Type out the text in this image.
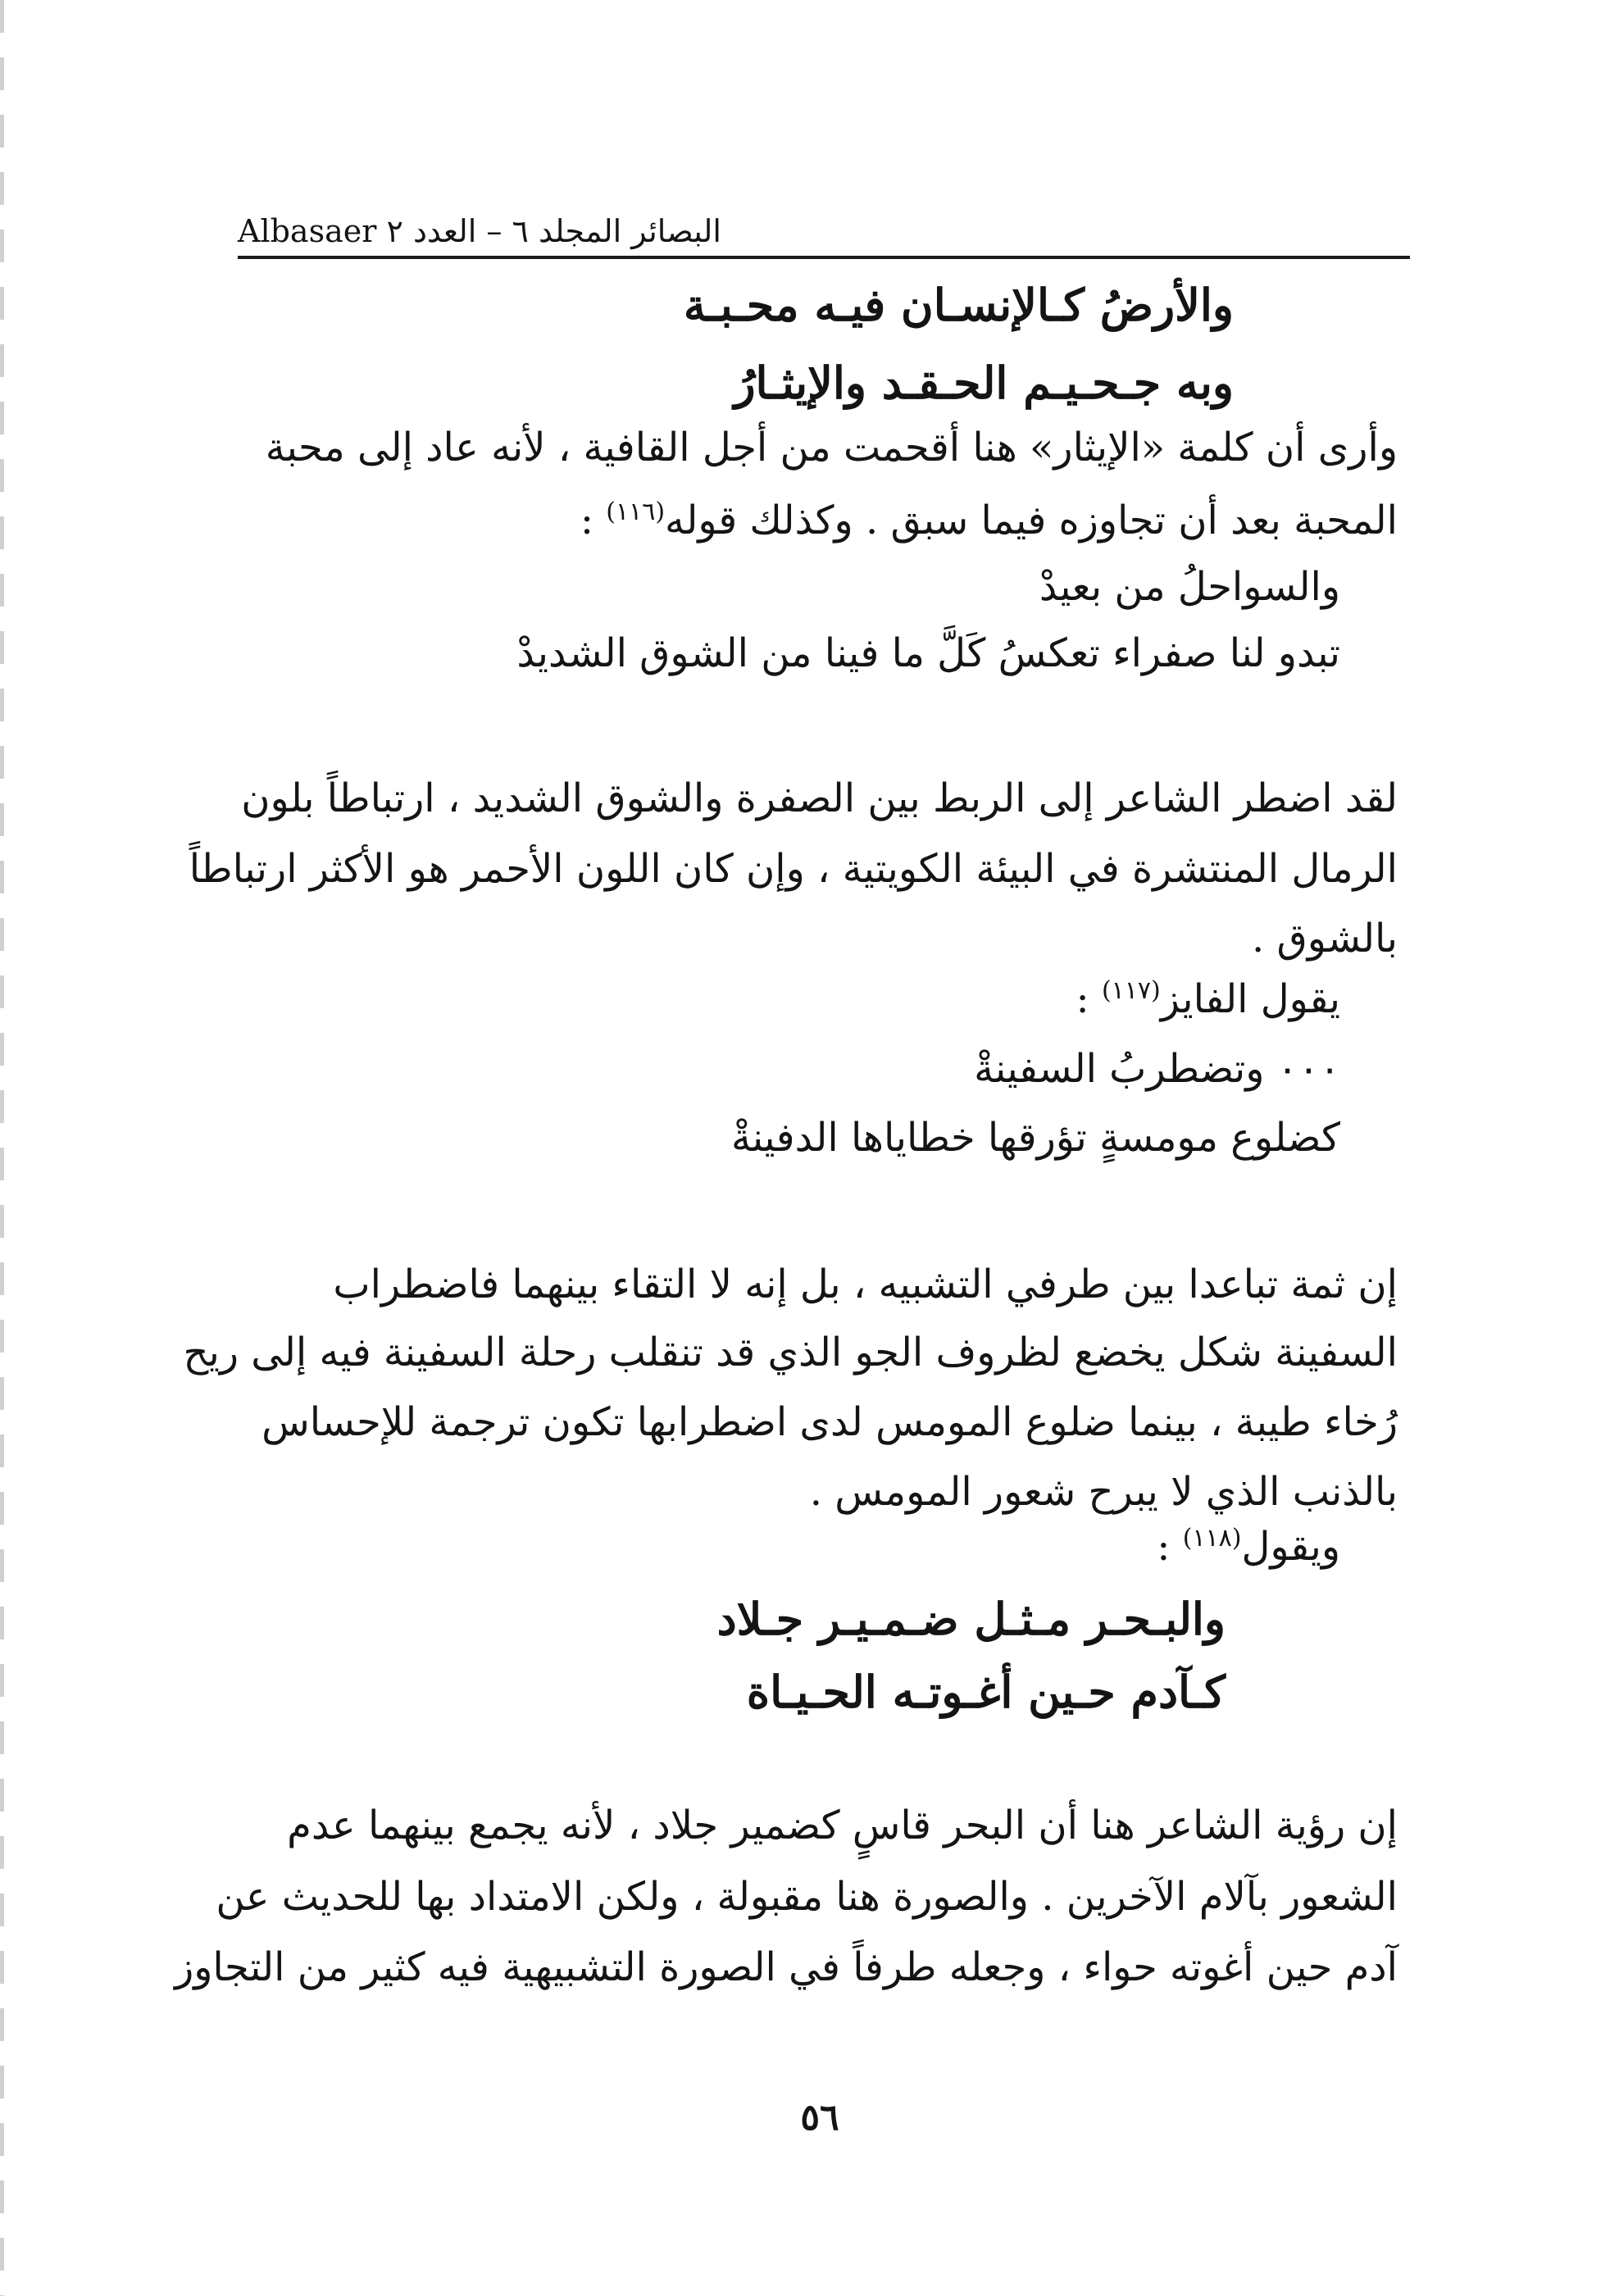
البصائر المجلد ٦ – العدد ٢ Albasaer
والأرضُ كـالإنسـان فيـه محـبـة
وبه جـحـيـم الحـقـد والإيثـارُ
وأرى أن كلمة «الإيثار» هنا أقحمت من أجل القافية ، لأنه عاد إلى محبة
المحبة بعد أن تجاوزه فيما سبق . وكذلك قوله$^{(١١٦)}$ :
والسواحلُ من بعيدْ
تبدو لنا صفراء تعكسُ كَلَّ ما فينا من الشوق الشديدْ
لقد اضطر الشاعر إلى الربط بين الصفرة والشوق الشديد ، ارتباطاً بلون
الرمال المنتشرة في البيئة الكويتية ، وإن كان اللون الأحمر هو الأكثر ارتباطاً
بالشوق .
يقول الفايز$^{(١١٧)}$ :
٠٠٠ وتضطربُ السفينةْ
كضلوع مومسةٍ تؤرقها خطاياها الدفينةْ
إن ثمة تباعدا بين طرفي التشبيه ، بل إنه لا التقاء بينهما فاضطراب
السفينة شكل يخضع لظروف الجو الذي قد تنقلب رحلة السفينة فيه إلى ريح
رُخاء طيبة ، بينما ضلوع المومس لدى اضطرابها تكون ترجمة للإحساس
بالذنب الذي لا يبرح شعور المومس .
ويقول$^{(١١٨)}$ :
والبـحـر مـثـل ضـمـيـر جـلاد
كـآدم حـين أغـوتـه الحـيـاة
إن رؤية الشاعر هنا أن البحر قاسٍ كضمير جلاد ، لأنه يجمع بينهما عدم
الشعور بآلام الآخرين . والصورة هنا مقبولة ، ولكن الامتداد بها للحديث عن
آدم حين أغوته حواء ، وجعله طرفاً في الصورة التشبيهية فيه كثير من التجاوز
٥٦
